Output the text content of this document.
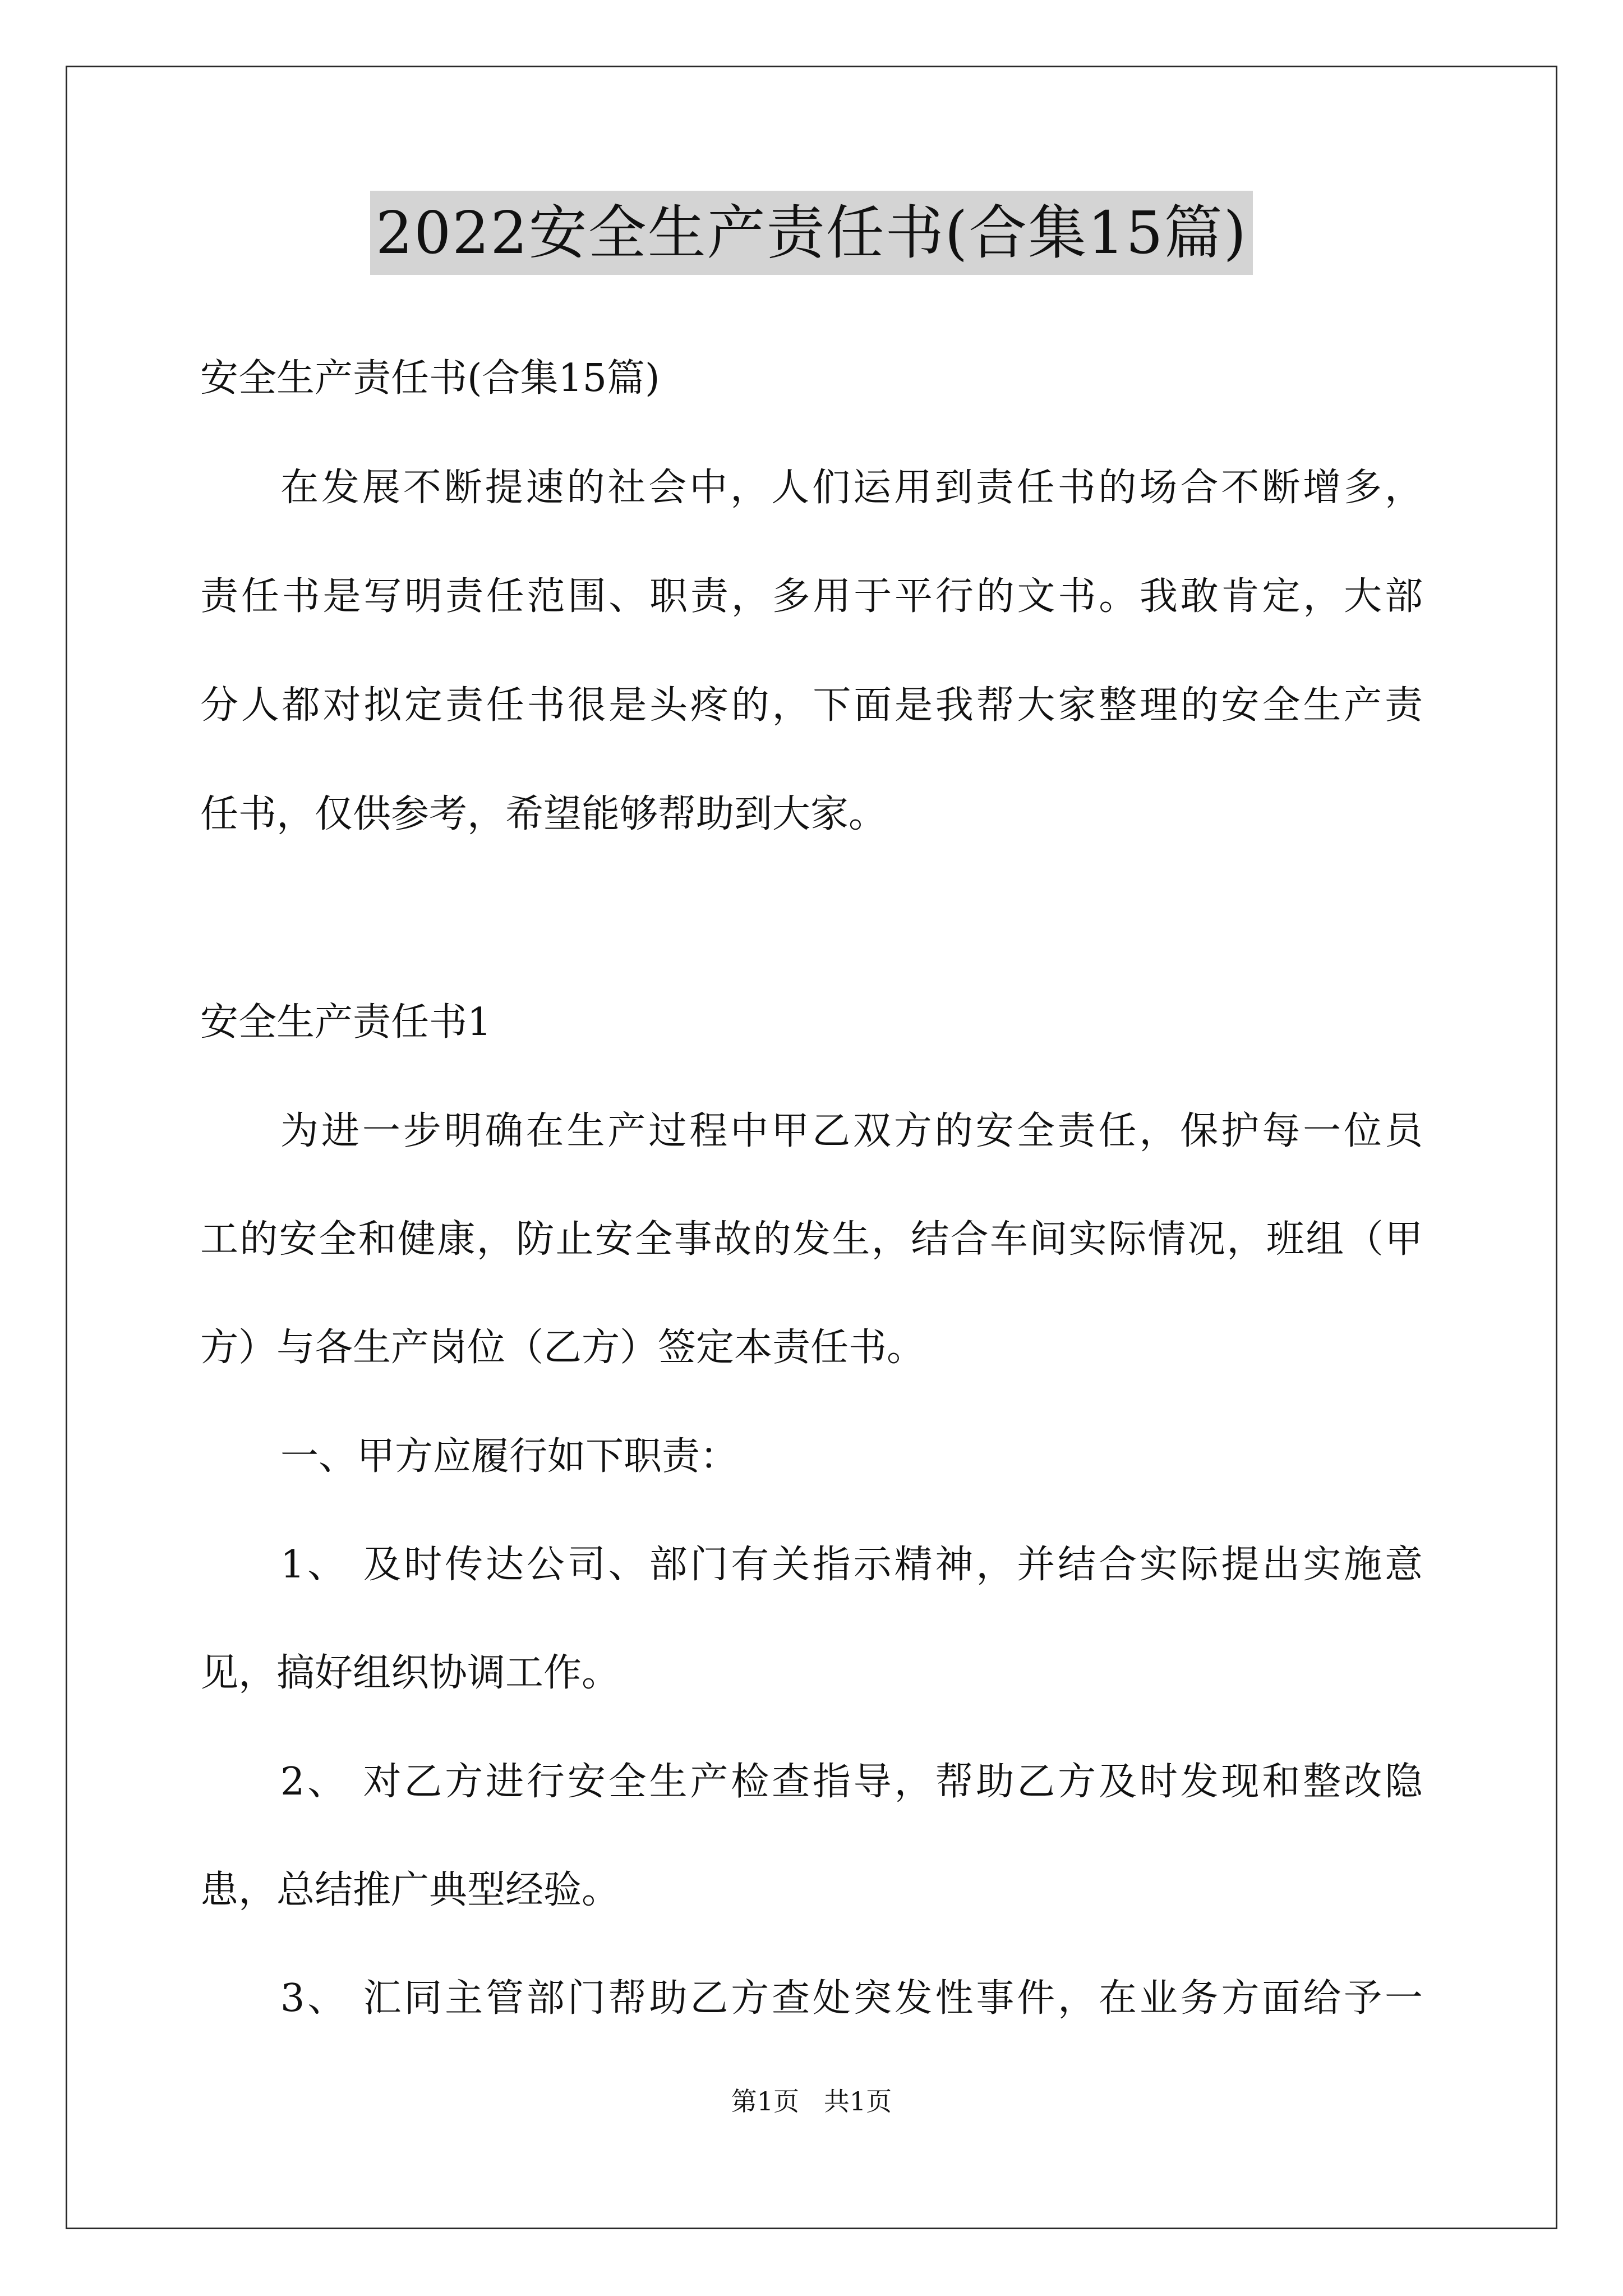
2022安全生产责任书(合集15篇)
安全生产责任书(合集15篇)
在发展不断提速的社会中，人们运用到责任书的场合不断增多，
责任书是写明责任范围、职责，多用于平行的文书。我敢肯定，大部
分人都对拟定责任书很是头疼的，下面是我帮大家整理的安全生产责
任书，仅供参考，希望能够帮助到大家。
安全生产责任书1
为进一步明确在生产过程中甲乙双方的安全责任，保护每一位员
工的安全和健康，防止安全事故的发生，结合车间实际情况，班组（甲
方）与各生产岗位（乙方）签定本责任书。
一、甲方应履行如下职责：
1、 及时传达公司、部门有关指示精神，并结合实际提出实施意
见，搞好组织协调工作。
2、 对乙方进行安全生产检查指导，帮助乙方及时发现和整改隐
患，总结推广典型经验。
3、 汇同主管部门帮助乙方查处突发性事件，在业务方面给予一
第1页   共1页
